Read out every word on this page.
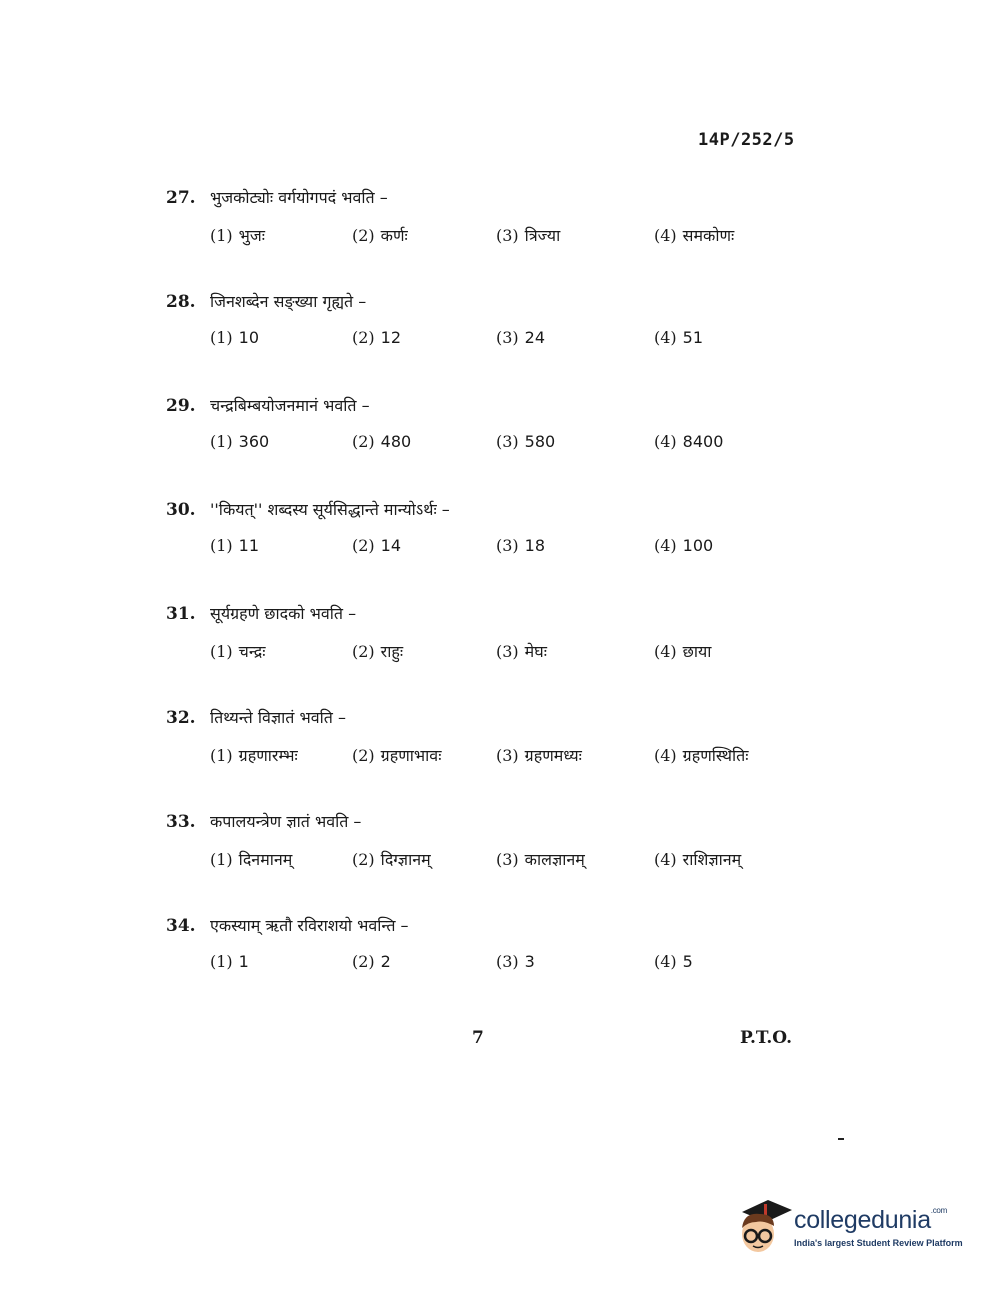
14P/252/5
27. भुजकोट्योः वर्गयोगपदं भवति –
(1) भुजः	(2) कर्णः	(3) त्रिज्या	(4) समकोणः
28. जिनशब्देन सङ्ख्या गृह्यते –
(1) 10	(2) 12	(3) 24	(4) 51
29. चन्द्रबिम्बयोजनमानं भवति –
(1) 360	(2) 480	(3) 580	(4) 8400
30. ''कियत्'' शब्दस्य सूर्यसिद्धान्ते मान्योऽर्थः –
(1) 11	(2) 14	(3) 18	(4) 100
31. सूर्यग्रहणे छादको भवति –
(1) चन्द्रः	(2) राहुः	(3) मेघः	(4) छाया
32. तिथ्यन्ते विज्ञातं भवति –
(1) ग्रहणारम्भः	(2) ग्रहणाभावः	(3) ग्रहणमध्यः	(4) ग्रहणस्थितिः
33. कपालयन्त्रेण ज्ञातं भवति –
(1) दिनमानम्	(2) दिग्ज्ञानम्	(3) कालज्ञानम्	(4) राशिज्ञानम्
34. एकस्याम् ऋतौ रविराशयो भवन्ति –
(1) 1	(2) 2	(3) 3	(4) 5
7	P.T.O.
collegedunia$^{.com}$
India's largest Student Review Platform
